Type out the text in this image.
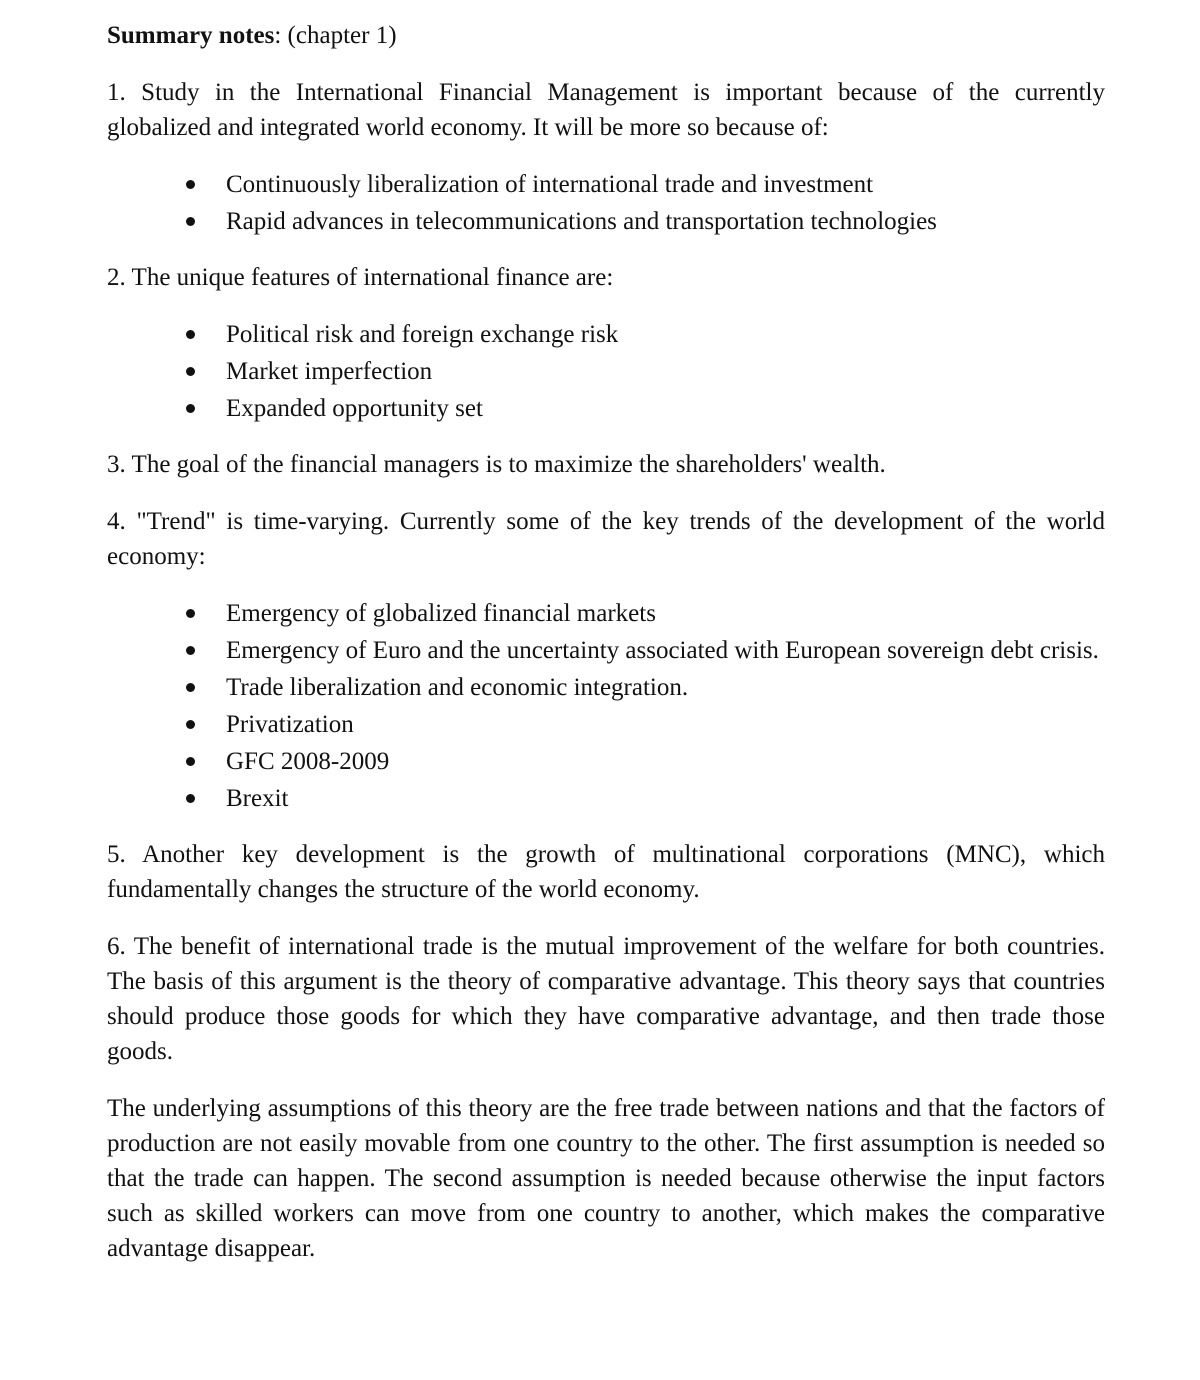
Summary notes: (chapter 1)

1. Study in the International Financial Management is important because of the currently globalized and integrated world economy. It will be more so because of:

Continuously liberalization of international trade and investment
Rapid advances in telecommunications and transportation technologies

2. The unique features of international finance are:

Political risk and foreign exchange risk
Market imperfection
Expanded opportunity set

3. The goal of the financial managers is to maximize the shareholders' wealth.

4. "Trend" is time-varying. Currently some of the key trends of the development of the world economy:

Emergency of globalized financial markets
Emergency of Euro and the uncertainty associated with European sovereign debt crisis.
Trade liberalization and economic integration.
Privatization
GFC 2008-2009
Brexit

5. Another key development is the growth of multinational corporations (MNC), which fundamentally changes the structure of the world economy.

6. The benefit of international trade is the mutual improvement of the welfare for both countries. The basis of this argument is the theory of comparative advantage. This theory says that countries should produce those goods for which they have comparative advantage, and then trade those goods.

The underlying assumptions of this theory are the free trade between nations and that the factors of production are not easily movable from one country to the other. The first assumption is needed so that the trade can happen. The second assumption is needed because otherwise the input factors such as skilled workers can move from one country to another, which makes the comparative advantage disappear.
